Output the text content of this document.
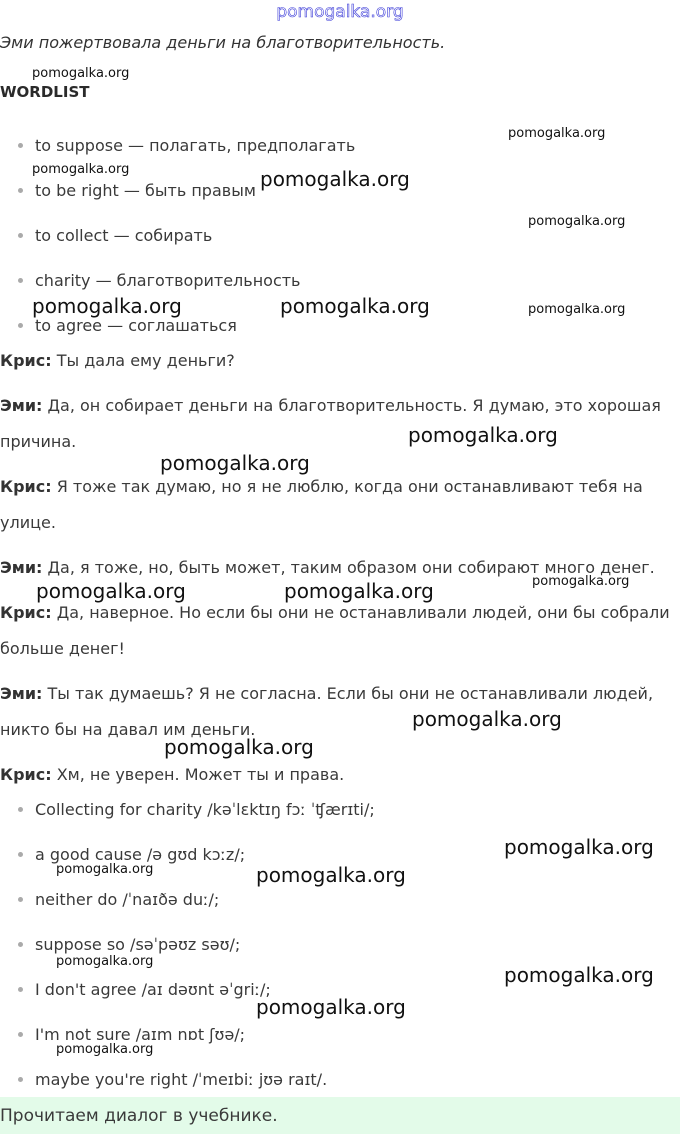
pomogalka.org
Эми пожертвовала деньги на благотворительность.
WORDLIST
to suppose — полагать, предполагать
to be right — быть правым
to collect — собирать
charity — благотворительность
to agree — соглашаться
Крис: Ты дала ему деньги?
Эми: Да, он собирает деньги на благотворительность. Я думаю, это хорошая
причина.
Крис: Я тоже так думаю, но я не люблю, когда они останавливают тебя на
улице.
Эми: Да, я тоже, но, быть может, таким образом они собирают много денег.
Крис: Да, наверное. Но если бы они не останавливали людей, они бы собрали
больше денег!
Эми: Ты так думаешь? Я не согласна. Если бы они не останавливали людей,
никто бы на давал им деньги.
Крис: Хм, не уверен. Может ты и права.
Collecting for charity /kəˈlɛktɪŋ fɔː ˈʧærɪti/;
a good cause /ə gʊd kɔːz/;
neither do /ˈnaɪðə duː/;
suppose so /səˈpəʊz səʊ/;
I don't agree /aɪ dəʊnt əˈgriː/;
I'm not sure /aɪm nɒt ʃʊə/;
maybe you're right /ˈmeɪbiː jʊə raɪt/.
Прочитаем диалог в учебнике.
pomogalka.org
pomogalka.org
pomogalka.org	pomogalka.org
pomogalka.org
pomogalka.org	pomogalka.org	pomogalka.org
pomogalka.org
pomogalka.org
pomogalka.org	pomogalka.org	pomogalka.org
pomogalka.org
pomogalka.org
pomogalka.org
pomogalka.org	pomogalka.org
pomogalka.org
pomogalka.org
pomogalka.org
pomogalka.org
